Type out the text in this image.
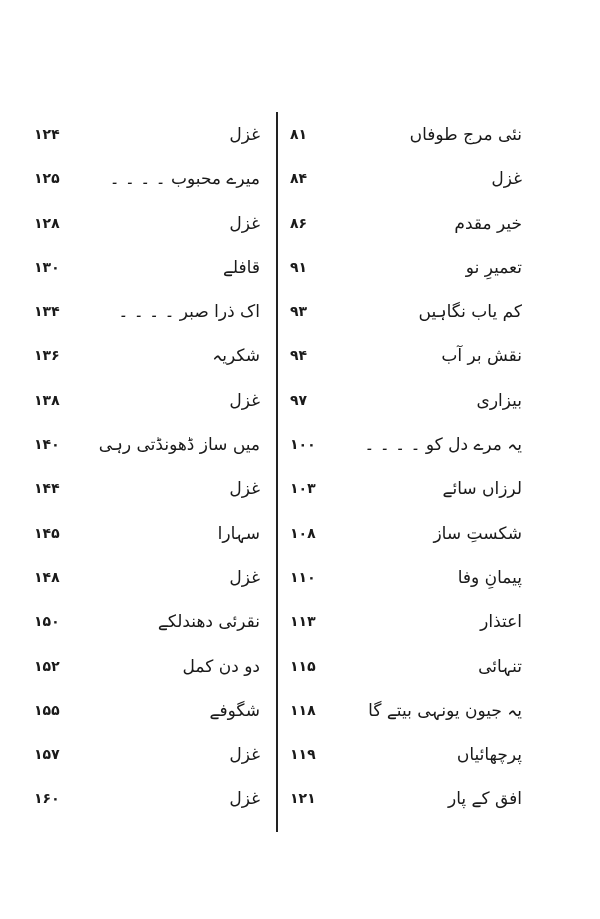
نئی مرج طوفاں
۸۱
غزل
۱۲۴
غزل
۸۴
میرے محبوب ۔ ۔ ۔ ۔
۱۲۵
خیر مقدم
۸۶
غزل
۱۲۸
تعمیرِ نو
۹۱
قافلے
۱۳۰
کم یاب نگاہیں
۹۳
اک ذرا صبر ۔ ۔ ۔ ۔
۱۳۴
نقش بر آب
۹۴
شکریہ
۱۳۶
بیزاری
۹۷
غزل
۱۳۸
یہ مرے دل کو ۔ ۔ ۔ ۔
۱۰۰
میں ساز ڈھونڈتی رہی
۱۴۰
لرزاں سائے
۱۰۳
غزل
۱۴۴
شکستِ ساز
۱۰۸
سہارا
۱۴۵
پیمانِ وفا
۱۱۰
غزل
۱۴۸
اعتذار
۱۱۳
نقرئی دھندلکے
۱۵۰
تنہائی
۱۱۵
دو دن کمل
۱۵۲
یہ جیون یونہی بیتے گا
۱۱۸
شگوفے
۱۵۵
پرچھائیاں
۱۱۹
غزل
۱۵۷
افق کے پار
۱۲۱
غزل
۱۶۰
